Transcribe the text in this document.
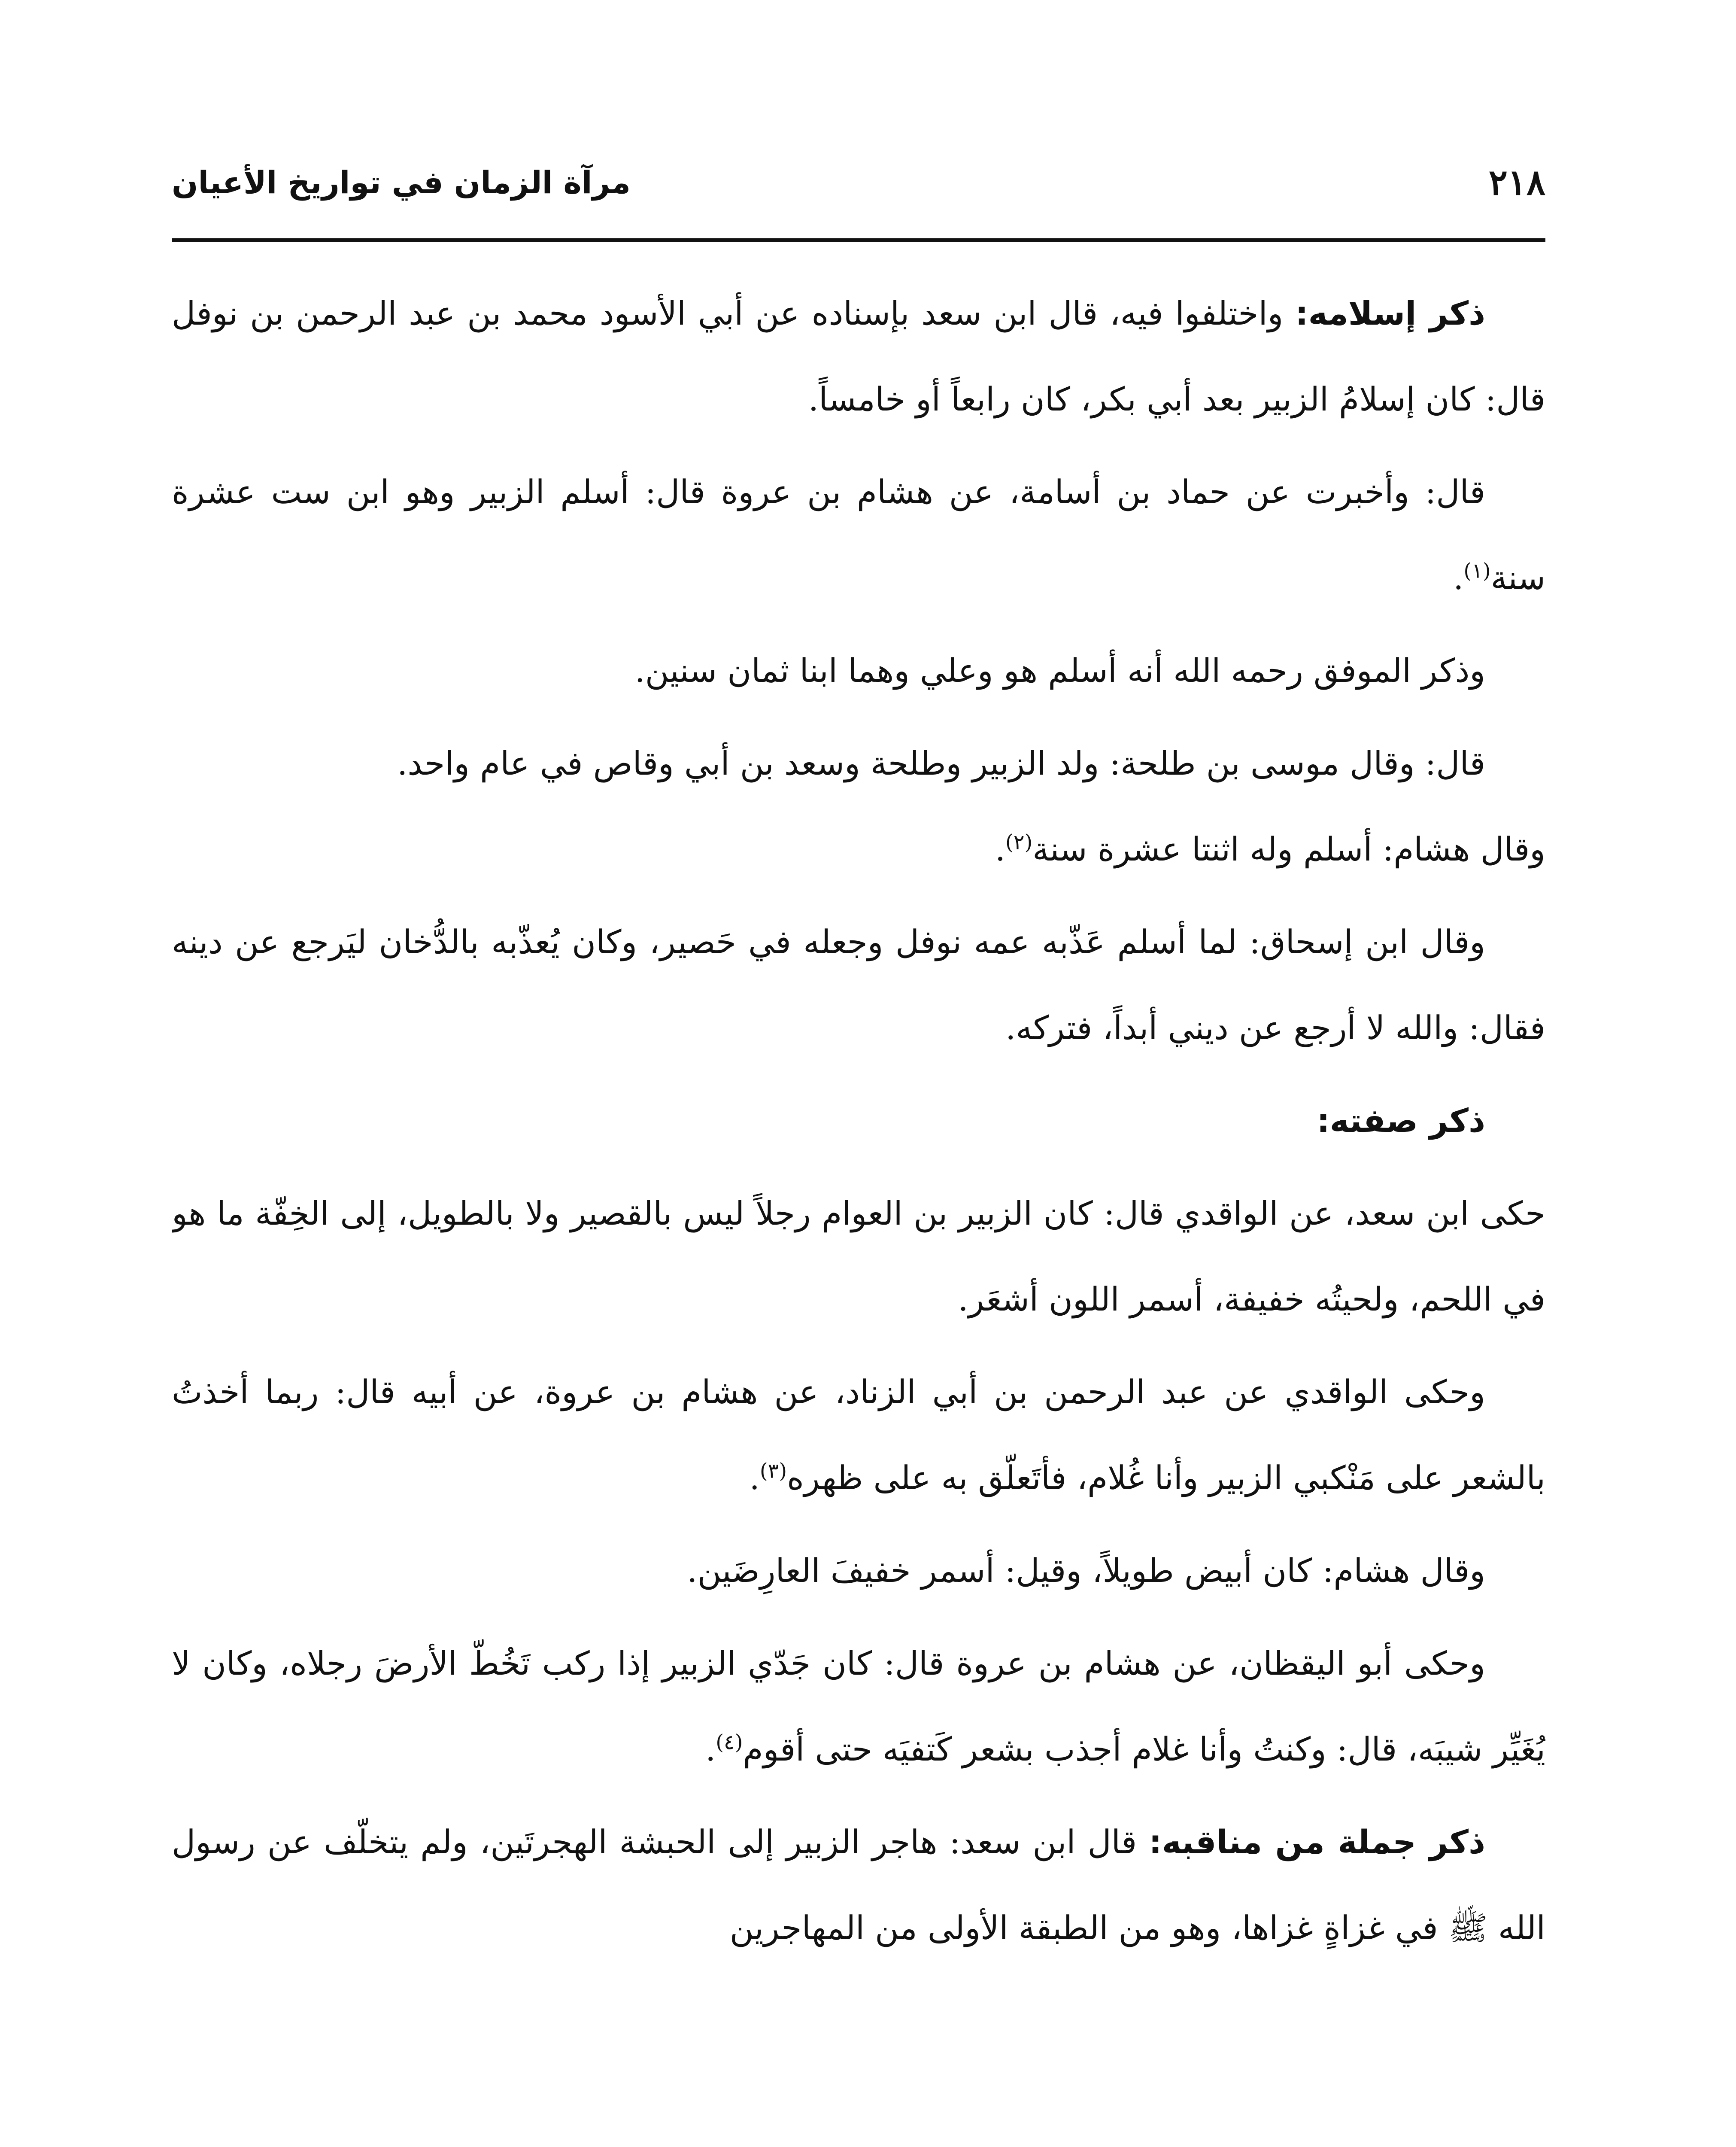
٢١٨
مرآة الزمان في تواريخ الأعيان

ذكر إسلامه: واختلفوا فيه، قال ابن سعد بإسناده عن أبي الأسود محمد بن عبد الرحمن بن نوفل قال: كان إسلامُ الزبير بعد أبي بكر، كان رابعاً أو خامساً.

قال: وأخبرت عن حماد بن أسامة، عن هشام بن عروة قال: أسلم الزبير وهو ابن ست عشرة سنة$^{(١)}$.

وذكر الموفق رحمه الله أنه أسلم هو وعلي وهما ابنا ثمان سنين.

قال: وقال موسى بن طلحة: ولد الزبير وطلحة وسعد بن أبي وقاص في عام واحد.
وقال هشام: أسلم وله اثنتا عشرة سنة$^{(٢)}$.

وقال ابن إسحاق: لما أسلم عَذّبه عمه نوفل وجعله في حَصير، وكان يُعذّبه بالدُّخان ليَرجع عن دينه فقال: والله لا أرجع عن ديني أبداً، فتركه.

ذكر صفته:

حكى ابن سعد، عن الواقدي قال: كان الزبير بن العوام رجلاً ليس بالقصير ولا بالطويل، إلى الخِفّة ما هو في اللحم، ولحيتُه خفيفة، أسمر اللون أشعَر.

وحكى الواقدي عن عبد الرحمن بن أبي الزناد، عن هشام بن عروة، عن أبيه قال: ربما أخذتُ بالشعر على مَنْكبي الزبير وأنا غُلام، فأتَعلّق به على ظهره$^{(٣)}$.

وقال هشام: كان أبيض طويلاً، وقيل: أسمر خفيفَ العارِضَين.

وحكى أبو اليقظان، عن هشام بن عروة قال: كان جَدّي الزبير إذا ركب تَخُطّ الأرضَ رجلاه، وكان لا يُغَيِّر شيبَه، قال: وكنتُ وأنا غلام أجذب بشعر كَتفيَه حتى أقوم$^{(٤)}$.

ذكر جملة من مناقبه: قال ابن سعد: هاجر الزبير إلى الحبشة الهجرتَين، ولم يتخلّف عن رسول الله ﷺ في غزاةٍ غزاها، وهو من الطبقة الأولى من المهاجرين
